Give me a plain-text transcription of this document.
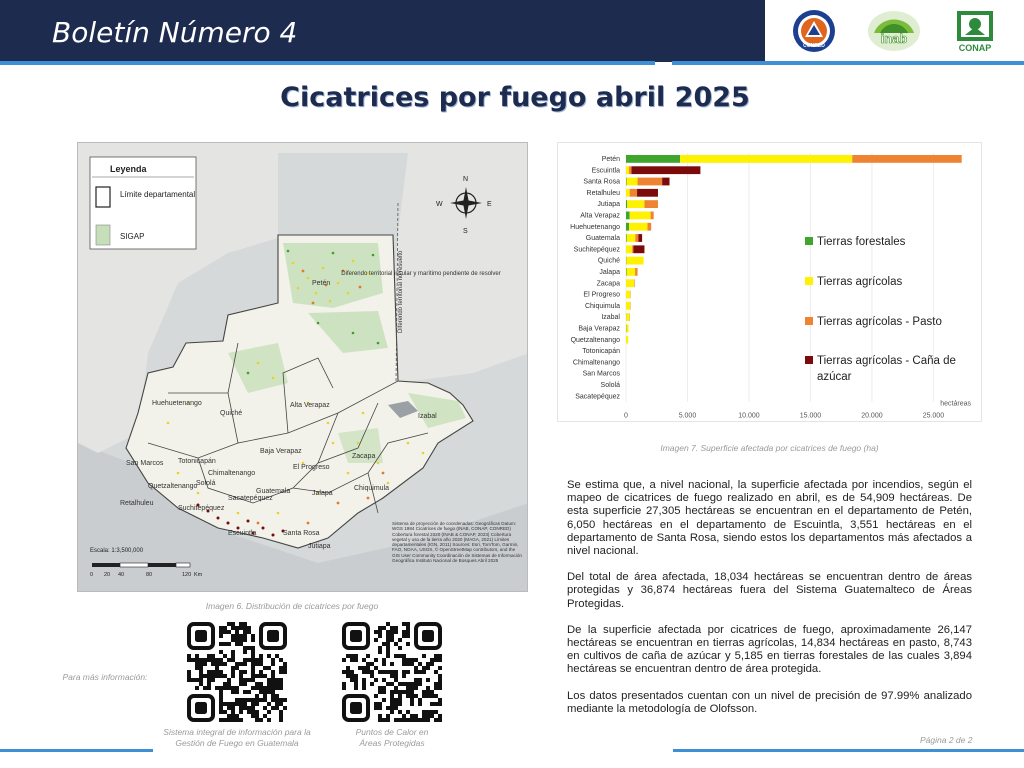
Boletín Número 4	CONRED	inab
CONAP
Cicatrices por fuego abril 2025
Petén
Huehuetenango
Quiché
Alta Verapaz
Izabal
Baja Verapaz
El Progreso
Zacapa
San Marcos Totonicapán
Sololá
Quetzaltenango
Chimaltenango
Guatemala	Jalapa
Chiquimula
Retalhuleu
Suchitepéquez
Escuintla	Santa Rosa
Jutiapa
Sacatepéquez
Diferendo territorial insular y marítimo pendiente de resolver
Diferendo territorial no resuelto
Leyenda
Límite departamental
SIGAP
N
S
E
W
Sistema de proyección de coordenadas: Geográficas Datum: WGS 1984 Cicatrices de fuego (INAB, CONAP, CONRED) Cobertura forestal 2020 (INAB & CONAP, 2023) Cobertura vegetal y uso de la tierra año 2020 (MAGA, 2021) Límites departamentales (IGN, 2011) Sources: Esri, TomTom, Garmin, FAO, NOAA, USGS, © OpenStreetMap contributors, and the GIS User Community Coordinación de Sistemas de Información Geográfica Instituto Nacional de Bosques Abril 2025
Escala: 1:3,500,000
0 20 40	80	120 Km
Imagen 6. Distribución de cicatrices por fuego
Petén
Escuintla
Santa Rosa
Retalhuleu
Jutiapa
Alta Verapaz
Huehuetenango
Guatemala
Suchitepéquez
Quiché
Jalapa
Zacapa
El Progreso
Chiquimula
Izabal
Baja Verapaz
Quetzaltenango
Totonicapán
Chimaltenango
San Marcos
Sololá
Sacatepéquez
0	5.000	10.000	15.000	20.000	25.000
hectáreas
Tierras forestales
Tierras agrícolas
Tierras agrícolas - Pasto
Tierras agrícolas - Caña de
azúcar
Imagen 7. Superficie afectada por cicatrices de fuego (ha)

Se estima que, a nivel nacional, la superficie afectada por incendios, según el mapeo de cicatrices de fuego realizado en abril, es de 54,909 hectáreas. De esta superficie 27,305 hectáreas se encuentran en el departamento de Petén, 6,050 hectáreas en el departamento de Escuintla, 3,551 hectáreas en el departamento de Santa Rosa, siendo estos los departamentos más afectados a nivel nacional.

Del total de área afectada, 18,034 hectáreas se encuentran dentro de áreas protegidas y 36,874 hectáreas fuera del Sistema Guatemalteco de Áreas Protegidas.

De la superficie afectada por cicatrices de fuego, aproximadamente 26,147 hectáreas se encuentran en tierras agrícolas, 14,834 hectáreas en pasto, 8,743 en cultivos de caña de azúcar y 5,185 en tierras forestales de las cuales 3,894 hectáreas se encuentran dentro de área protegida.

Los datos presentados cuentan con un nivel de precisión de 97.99% analizado mediante la metodología de Olofsson.

Para más información:
Sistema integral de información para la Gestión de Fuego en Guatemala
Puntos de Calor en Áreas Protegidas	Página 2 de 2
